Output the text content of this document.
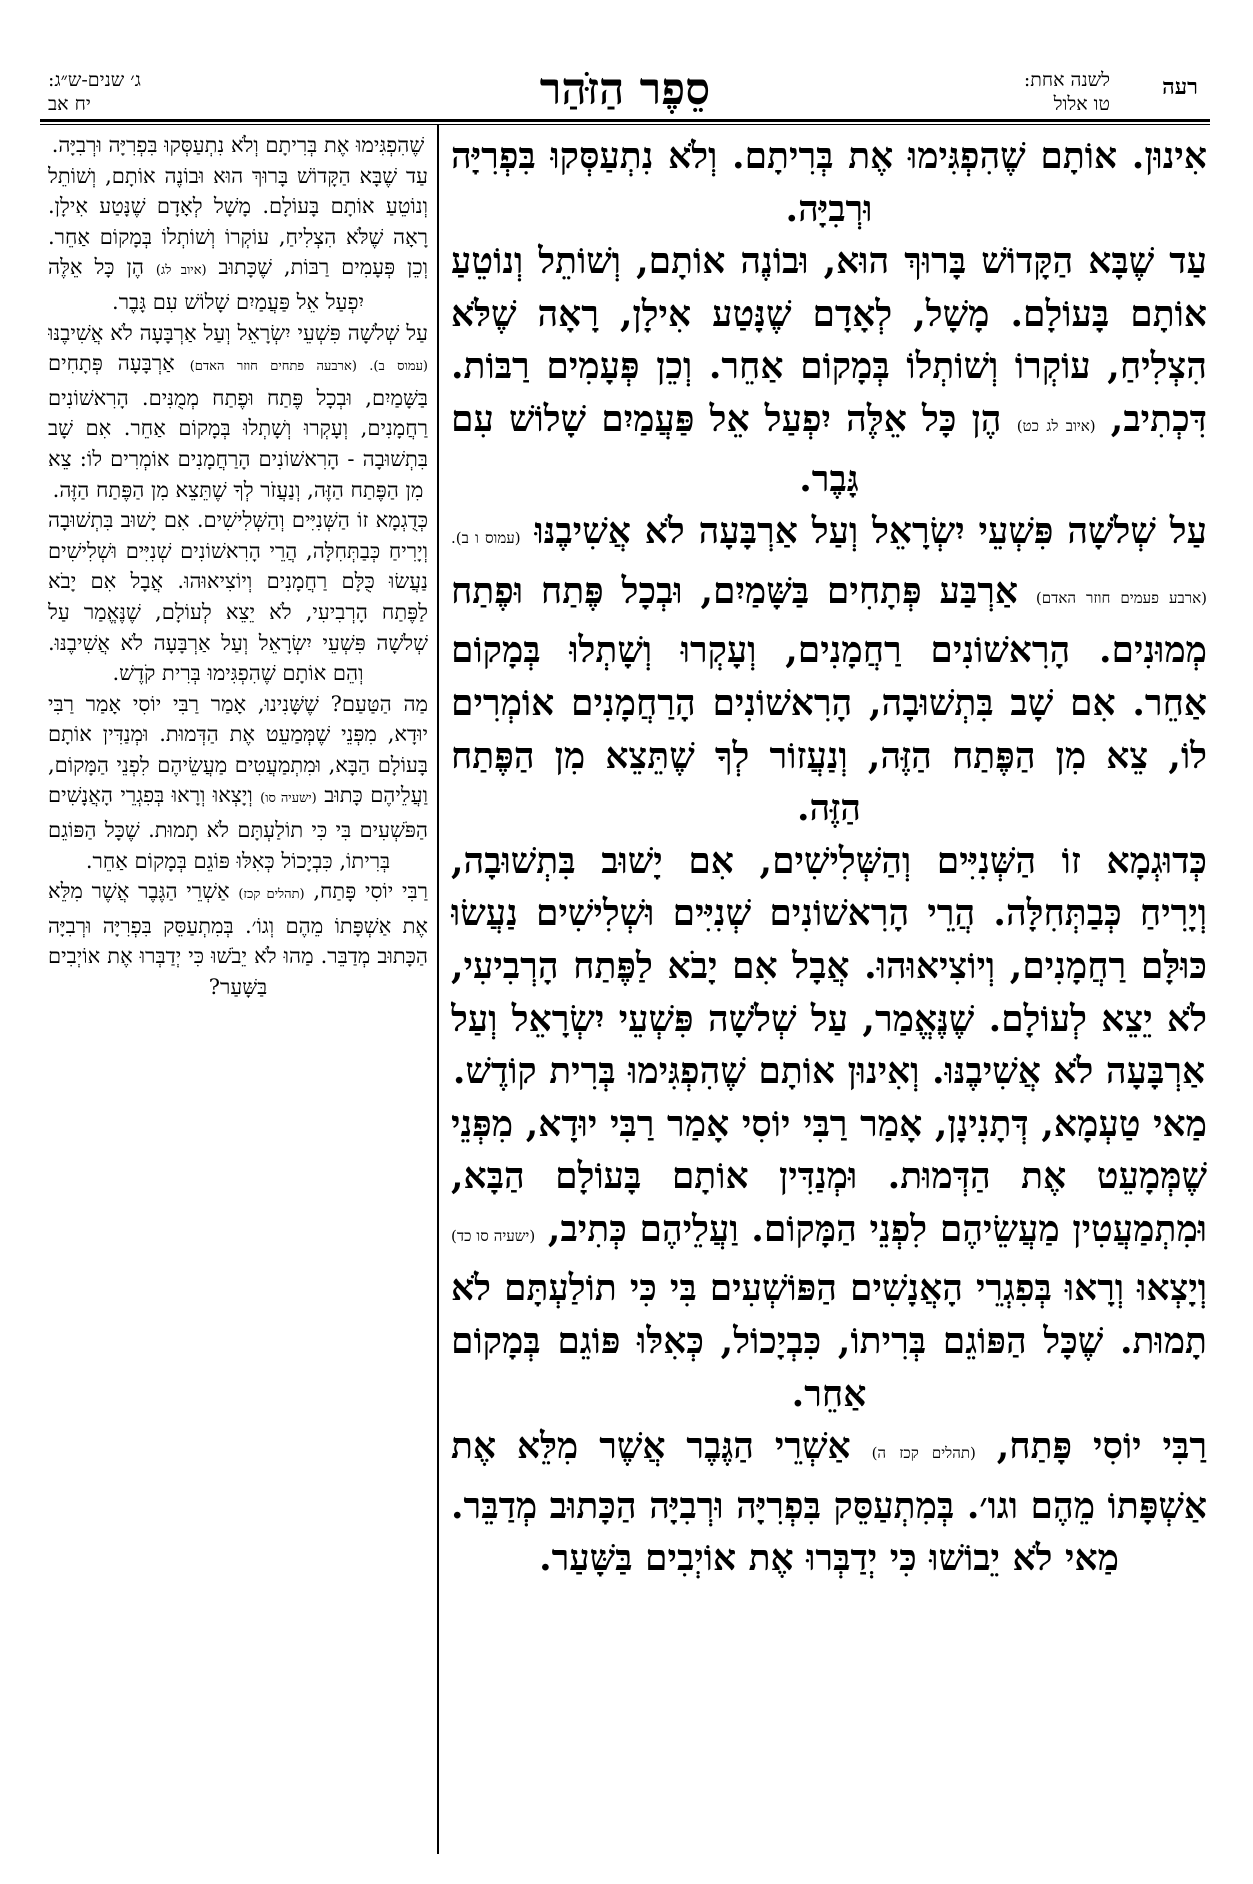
רעה
לשנה אחת:
טו אלול
סֵפֶר הַזּׁהַר
ג׳ שנים-ש״ג:
יח אב

אִינוּן. אוֹתָם שֶׁהִפְגִּימוּ אֶת בְּרִיתָם. וְלֹא נִתְעַסְּקוּ בִּפְרִיָּה וּרְבִיָּה.

עַד שֶׁבָּא הַקָּדוֹשׁ בָּרוּךְ הוּא, וּבוֹנֶה אוֹתָם, וְשׁוֹתֵל וְנוֹטֵעַ אוֹתָם בָּעוֹלָם. מָשָׁל, לְאָדָם שֶׁנָּטַע אִילָן, רָאָה שֶׁלֹּא הִצְלִיחַ, עוֹקְרוֹ וְשׁוֹתְלוֹ בְּמָקוֹם אַחֵר. וְכֵן פְּעָמִים רַבּוֹת. דִּכְתִיב, (איוב לג כט) הֶן כָּל אֵלֶּה יִפְעַל אֵל פַּעֲמַיִם שָׁלוֹשׁ עִם גָּבֶר.

עַל שְׁלֹשָׁה פִּשְׁעֵי יִשְׂרָאֵל וְעַל אַרְבָּעָה לֹא אֲשִׁיבֶנּוּ (עמוס ו ב). (ארבע פעמים חוזר האדם) אַרְבַּע פְּתָחִים בַּשָּׁמַיִם, וּבְכָל פֶּתַח וּפֶתַח מְמוּנִים. הָרִאשׁוֹנִים רַחֲמָנִים, וְעָקְרוּ וְשָׁתְלוּ בְּמָקוֹם אַחֵר. אִם שָׁב בִּתְשׁוּבָה, הָרִאשׁוֹנִים הָרַחֲמָנִים אוֹמְרִים לוֹ, צֵא מִן הַפֶּתַח הַזֶּה, וְנַעֲזוֹר לְךָ שֶׁתֵּצֵא מִן הַפֶּתַח הַזֶּה.

כְּדוּגְמָא זוֹ הַשְּׁנִיִּים וְהַשְּׁלִישִׁים, אִם יָשׁוּב בִּתְשׁוּבָה, וְיָרִיחַ כְּבַתְּחִלָּה. הֲרֵי הָרִאשׁוֹנִים שְׁנִיִּים וּשְׁלִישִׁים נַעֲשׂוּ כּוּלָּם רַחֲמָנִים, וְיוֹצִיאוּהוּ. אֲבָל אִם יָבֹא לַפֶּתַח הָרְבִיעִי, לֹא יֵצֵא לְעוֹלָם. שֶׁנֶּאֱמַר, עַל שְׁלֹשָׁה פִּשְׁעֵי יִשְׂרָאֵל וְעַל אַרְבָּעָה לֹא אֲשִׁיבֶנּוּ. וְאִינוּן אוֹתָם שֶׁהִפְגִּימוּ בְּרִית קוֹדֶשׁ.

מַאי טַעְמָא, דְּתָנִינָן, אָמַר רַבִּי יוֹסִי אָמַר רַבִּי יוּדָא, מִפְּנֵי שֶׁמְּמָעֵט אֶת הַדְּמוּת. וּמְנַדִּין אוֹתָם בָּעוֹלָם הַבָּא, וּמִתְמַעֲטִין מַעֲשֵׂיהֶם לִפְנֵי הַמָּקוֹם. וַעֲלֵיהֶם כְּתִיב, (ישעיה סו כד) וְיָצְאוּ וְרָאוּ בְּפִגְרֵי הָאֲנָשִׁים הַפּוֹשְׁעִים בִּי כִּי תוֹלַעְתָּם לֹא תָמוּת. שֶׁכָּל הַפּוֹגֵם בְּרִיתוֹ, כִּבְיָכוֹל, כְּאִלּוּ פּוֹגֵם בְּמָקוֹם אַחֵר.

רַבִּי יוֹסִי פָּתַח, (תהלים קכז ה) אַשְׁרֵי הַגֶּבֶר אֲשֶׁר מִלֵּא אֶת אַשְׁפָּתוֹ מֵהֶם וגו׳. בְּמִתְעַסֵּק בִּפְרִיָּה וּרְבִיָּה הַכָּתוּב מְדַבֵּר. מַאי לֹא יֵבוֹשׁוּ כִּי יְדַבְּרוּ אֶת אוֹיְבִים בַּשָּׁעַר.

שֶׁהִפְגִּימוּ אֶת בְּרִיתָם וְלֹא נִתְעַסְּקוּ בִּפְרִיָּה וּרְבִיָּה.

עַד שֶׁבָּא הַקָּדוֹשׁ בָּרוּךְ הוּא וּבוֹנֶה אוֹתָם, וְשׁוֹתֵל וְנוֹטֵעַ אוֹתָם בָּעוֹלָם. מָשָׁל לְאָדָם שֶׁנָּטַע אִילָן. רָאָה שֶׁלֹּא הִצְלִיחַ, עוֹקְרוֹ וְשׁוֹתְלוֹ בְּמָקוֹם אַחֵר. וְכֵן פְּעָמִים רַבּוֹת, שֶׁכָּתוּב (איוב לג) הֶן כָּל אֵלֶּה יִפְעַל אֵל פַּעֲמַיִם שָׁלוֹשׁ עִם גָּבֶר.

עַל שְׁלֹשָׁה פִּשְׁעֵי יִשְׂרָאֵל וְעַל אַרְבָּעָה לֹא אֲשִׁיבֶנּוּ (עמוס ב). (ארבעה פתחים חוזר האדם) אַרְבָּעָה פְּתָחִים בַּשָּׁמַיִם, וּבְכָל פֶּתַח וּפֶתַח מְמֻנִּים. הָרִאשׁוֹנִים רַחֲמָנִים, וְעָקְרוּ וְשָׁתְלוּ בְּמָקוֹם אַחֵר. אִם שָׁב בִּתְשׁוּבָה - הָרִאשׁוֹנִים הָרַחֲמָנִים אוֹמְרִים לוֹ: צֵא מִן הַפֶּתַח הַזֶּה, וְנַעֲזֹר לְךָ שֶׁתֵּצֵא מִן הַפֶּתַח הַזֶּה.

כְּדֻגְמָא זוֹ הַשְּׁנִיִּים וְהַשְּׁלִישִׁים. אִם יָשׁוּב בִּתְשׁוּבָה וְיָרִיחַ כְּבַתְּחִלָּה, הֲרֵי הָרִאשׁוֹנִים שְׁנִיִּים וּשְׁלִישִׁים נַעֲשׂוּ כֻּלָּם רַחֲמָנִים וְיוֹצִיאוּהוּ. אֲבָל אִם יָבֹא לַפֶּתַח הָרְבִיעִי, לֹא יֵצֵא לְעוֹלָם, שֶׁנֶּאֱמַר עַל שְׁלֹשָׁה פִּשְׁעֵי יִשְׂרָאֵל וְעַל אַרְבָּעָה לֹא אֲשִׁיבֶנּוּ. וְהֵם אוֹתָם שֶׁהִפְגִּימוּ בְּרִית קֹדֶשׁ.

מַה הַטַּעַם? שֶׁשָּׁנִינוּ, אָמַר רַבִּי יוֹסִי אָמַר רַבִּי יוּדָא, מִפְּנֵי שֶׁמְּמַעֵט אֶת הַדְּמוּת. וּמְנַדִּין אוֹתָם בָּעוֹלָם הַבָּא, וּמִתְמַעֲטִים מַעֲשֵׂיהֶם לִפְנֵי הַמָּקוֹם, וַעֲלֵיהֶם כָּתוּב (ישעיה סו) וְיָצְאוּ וְרָאוּ בְּפִגְרֵי הָאֲנָשִׁים הַפֹּשְׁעִים בִּי כִּי תוֹלַעְתָּם לֹא תָמוּת. שֶׁכָּל הַפּוֹגֵם בְּרִיתוֹ, כִּבְיָכוֹל כְּאִלּוּ פּוֹגֵם בְּמָקוֹם אַחֵר.

רַבִּי יוֹסִי פָּתַח, (תהלים קכז) אַשְׁרֵי הַגֶּבֶר אֲשֶׁר מִלֵּא אֶת אַשְׁפָּתוֹ מֵהֶם וְגוֹ׳. בְּמִתְעַסֵּק בִּפְרִיָּה וּרְבִיָּה הַכָּתוּב מְדַבֵּר. מַהוּ לֹא יֵבֹשׁוּ כִּי יְדַבְּרוּ אֶת אוֹיְבִים בַּשָּׁעַר?
